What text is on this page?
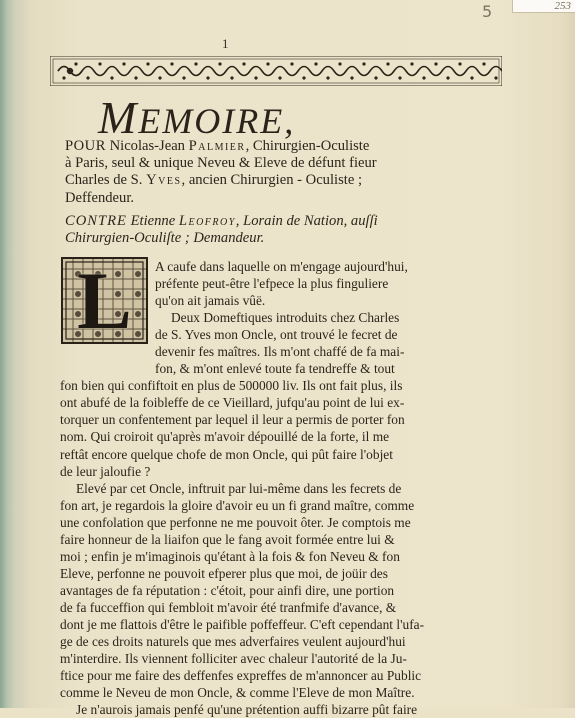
253
5
1
MEMOIRE,
POUR Nicolas-Jean Palmier, Chirurgien-Oculiste
à Paris, seul & unique Neveu & Eleve de défunt fieur
Charles de S. Yves, ancien Chirurgien - Oculiste ;
Deffendeur.
CONTRE Etienne Leofroy, Lorain de Nation, auſſi
Chirurgien-Oculiſte ; Demandeur.
L	A caufe dans laquelle on m'engage aujourd'hui,
préfente peut-être l'efpece la plus finguliere
qu'on ait jamais vûë.
Deux Domeftiques introduits chez Charles
de S. Yves mon Oncle, ont trouvé le fecret de
devenir fes maîtres. Ils m'ont chaffé de fa mai-
fon, & m'ont enlevé toute fa tendreffe & tout
fon bien qui confiftoit en plus de 500000 liv. Ils ont fait plus, ils
ont abufé de la foibleffe de ce Vieillard, jufqu'au point de lui ex-
torquer un confentement par lequel il leur a permis de porter fon
nom. Qui croiroit qu'après m'avoir dépouillé de la forte, il me
reftât encore quelque chofe de mon Oncle, qui pût faire l'objet
de leur jaloufie ?
Elevé par cet Oncle, inftruit par lui-même dans les fecrets de
fon art, je regardois la gloire d'avoir eu un fi grand maître, comme
une confolation que perfonne ne me pouvoit ôter. Je comptois me
faire honneur de la liaifon que le fang avoit formée entre lui &
moi ; enfin je m'imaginois qu'étant à la fois & fon Neveu & fon
Eleve, perfonne ne pouvoit efperer plus que moi, de joüir des
avantages de fa réputation : c'étoit, pour ainfi dire, une portion
de fa fucceffion qui fembloit m'avoir été tranfmife d'avance, &
dont je me flattois d'être le paifible poffeffeur. C'eft cependant l'ufa-
ge de ces droits naturels que mes adverfaires veulent aujourd'hui
m'interdire. Ils viennent folliciter avec chaleur l'autorité de la Ju-
ftice pour me faire des deffenfes expreffes de m'annoncer au Public
comme le Neveu de mon Oncle, & comme l'Eleve de mon Maître.
Je n'aurois jamais penfé qu'une prétention auffi bizarre pût faire
